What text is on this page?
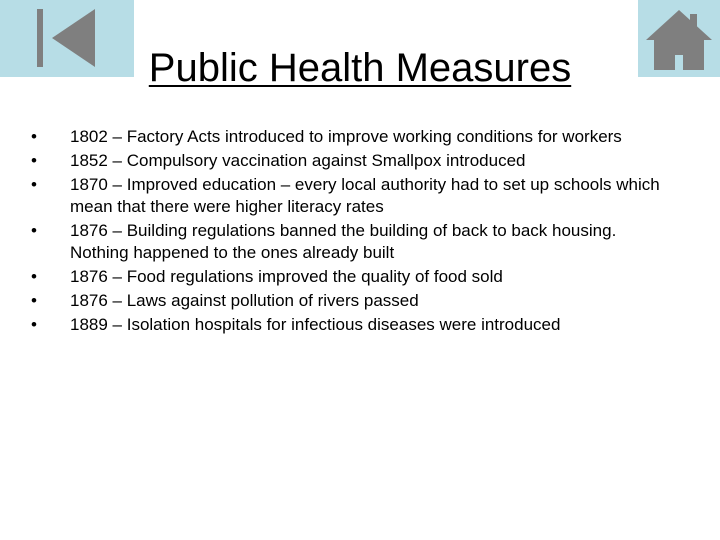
Public Health Measures
• 1802 – Factory Acts introduced to improve working conditions for workers
• 1852 – Compulsory vaccination against Smallpox introduced
• 1870 – Improved education – every local authority had to set up schools which mean that there were higher literacy rates
• 1876 – Building regulations banned the building of back to back housing. Nothing happened to the ones already built
• 1876 – Food regulations improved the quality of food sold
• 1876 – Laws against pollution of rivers passed
• 1889 – Isolation hospitals for infectious diseases were introduced
